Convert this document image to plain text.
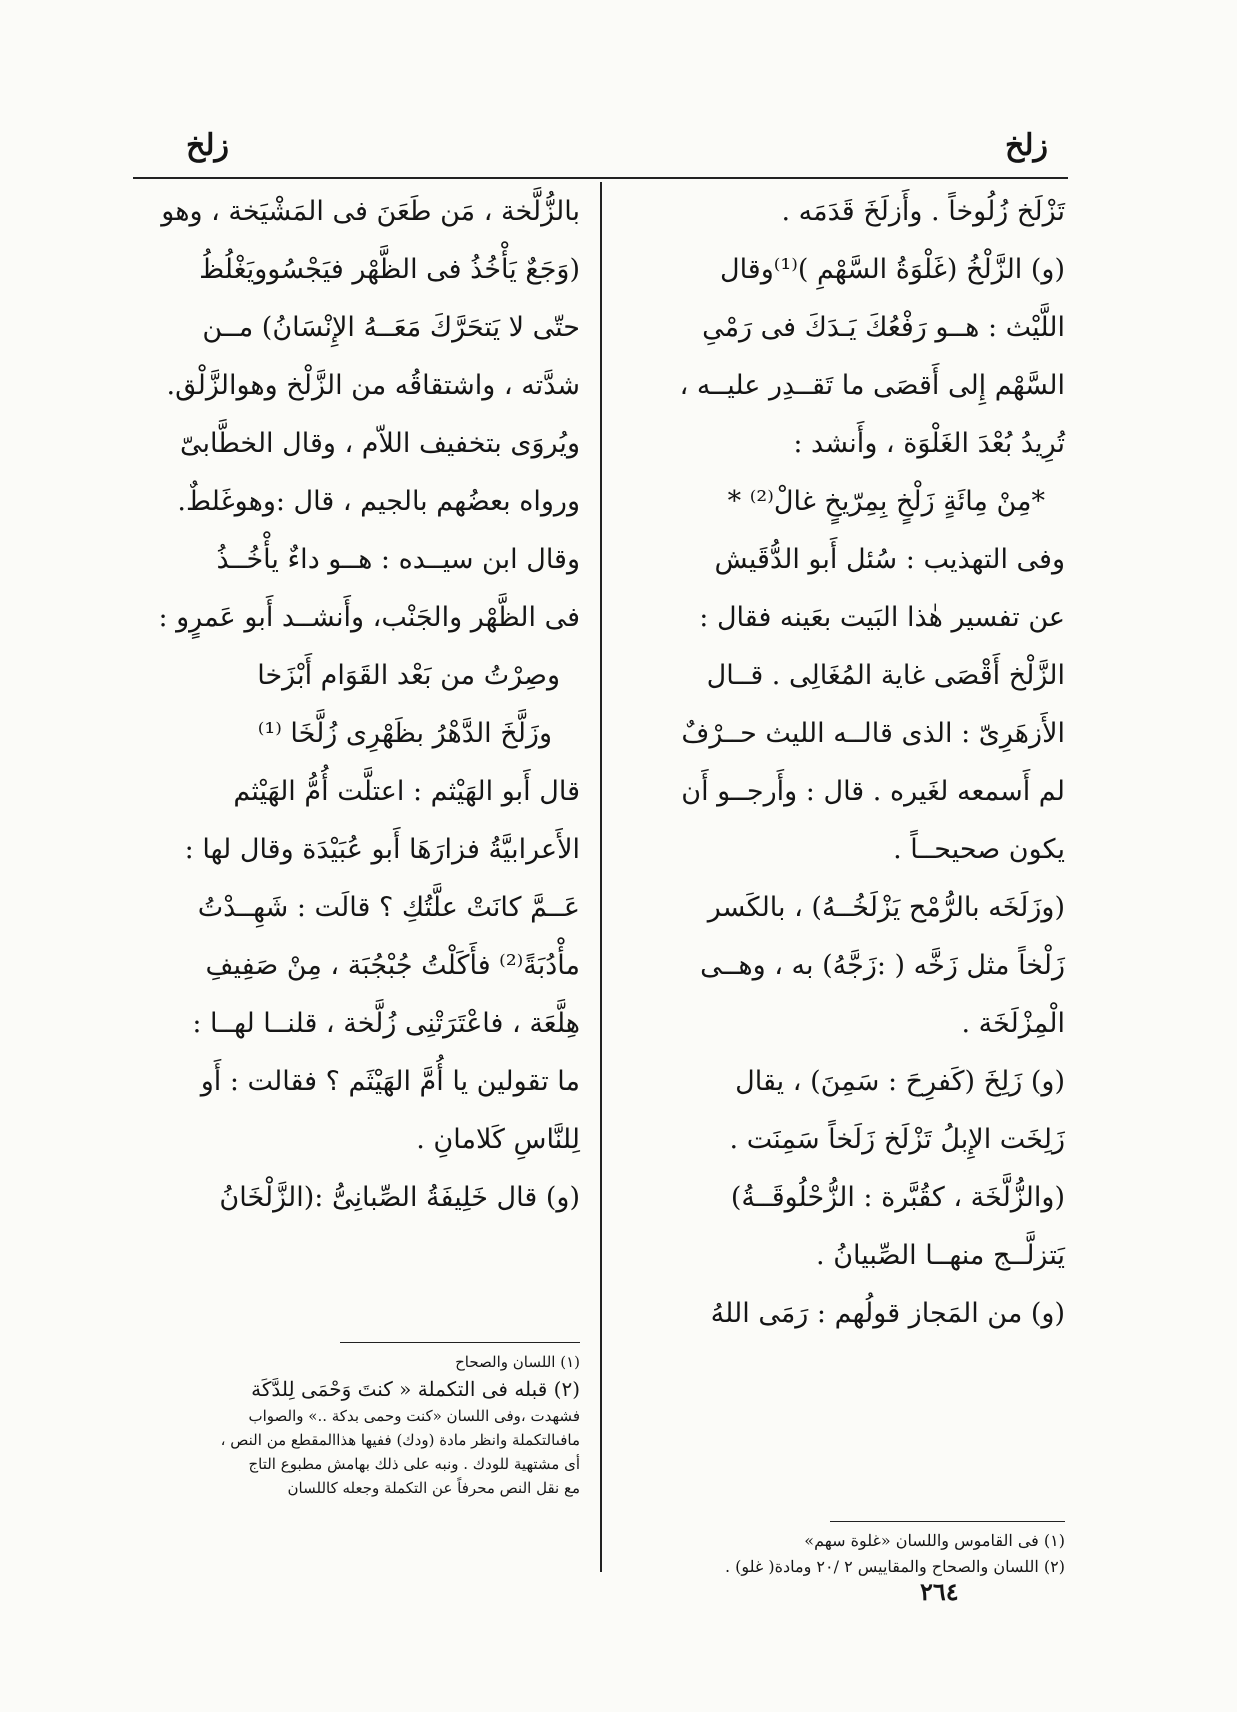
زلخ	زلخ

تَزْلَخ زُلُوخاً . وأَزلَخَ قَدَمَه .

(و) الزَّلْخُ (غَلْوَةُ السَّهْمِ )⁽¹⁾وقال

اللَّيْث : هــو رَفْعُكَ يَـدَكَ فى رَمْىِ

السَّهْم إِلى أَقصَى ما تَقــدِر عليــه ،

تُرِيدُ بُعْدَ الغَلْوَة ، وأَنشد :

*مِنْ مِائَةٍ زَلْخٍ بِمِرّيخٍ غالْ⁽²⁾ *

وفى التهذيب : سُئل أَبو الدُّقَيش

عن تفسير هٰذا البَيت بعَينه فقال :

الزَّلْخ أَقْصَى غاية المُغَالِى . قــال

الأَزهَرِىّ : الذى قالــه الليث حــرْفٌ

لم أَسمعه لغَيره . قال : وأَرجــو أَن

يكون صحيحــاً .

(وزَلَخَه بالرُّمْح يَزْلَخُــهُ) ، بالكَسر

زَلْخاً مثل زَخَّه ( :زَجَّهُ) به ، وهــى

الْمِزْلَخَة .

(و) زَلِخَ (كَفرِحَ : سَمِنَ) ، يقال

زَلِخَت الإِبلُ تَزْلَخ زَلَخاً سَمِنَت .

(والزُّلَّخَة ، كقُبَّرة : الزُّحْلُوقَــةُ)

يَتزلَّــج منهــا الصِّبيانُ .

(و) من المَجاز قولُهم : رَمَى اللهُ

بالزُّلَّخة ، مَن طَعَنَ فى المَشْيَخة ، وهو

(وَجَعٌ يَأْخُذُ فى الظَّهْر فيَجْسُوويَغْلُظُ

حتّى لا يَتحَرَّكَ مَعَــهُ الإِنْسَانُ) مــن

شدَّته ، واشتقاقُه من الزَّلْخ وهوالزَّلْق.

ويُروَى بتخفيف اللاّم ، وقال الخطَّابىّ

ورواه بعضُهم بالجيم ، قال :وهوغَلطٌ.

وقال ابن سيــده : هــو داءٌ يأْخُــذُ

فى الظَّهْر والجَنْب، وأَنشــد أَبو عَمرٍو :

وصِرْتُ من بَعْد القَوَام أَبْزَخا

وزَلَّخَ الدَّهْرُ بظَهْرِى زُلَّخَا ⁽¹⁾

قال أَبو الهَيْثم : اعتلَّت أُمُّ الهَيْثم

الأَعرابيَّةُ فزارَهَا أَبو عُبَيْدَة وقال لها :

عَــمَّ كانَتْ علَّتُكِ ؟ قالَت : شَهِــدْتُ

مأْدُبَةً⁽²⁾ فأَكَلْتُ جُبْجُبَة ، مِنْ صَفِيفِ

هِلَّعَة ، فاعْتَرَتْنِى زُلَّخة ، قلنــا لهــا :

ما تقولين يا أُمَّ الهَيْثَم ؟ فقالت : أَو

لِلنَّاسِ كَلامانِ .

(و) قال خَلِيفَةُ الصِّبانِىُّ :(الزَّلْخَانُ

(١) اللسان والصحاح

(٢) قبله فى التكملة « كنتَ وَحْمَى لِلدَّكَة

فشهدت ،وفى اللسان «كنت وحمى بدكة ..» والصواب

مافىالتكملة وانظر مادة (ودك) ففيها هذاالمقطع من النص ،

أى مشتهية للودك . ونبه على ذلك بهامش مطبوع التاج

مع نقل النص محرفاً عن التكملة وجعله كاللسان

(١) فى القاموس واللسان «غلوة سهم»

(٢) اللسان والصحاح والمقاييس ٢ /٢٠ ومادة( غلو) .

٢٦٤
